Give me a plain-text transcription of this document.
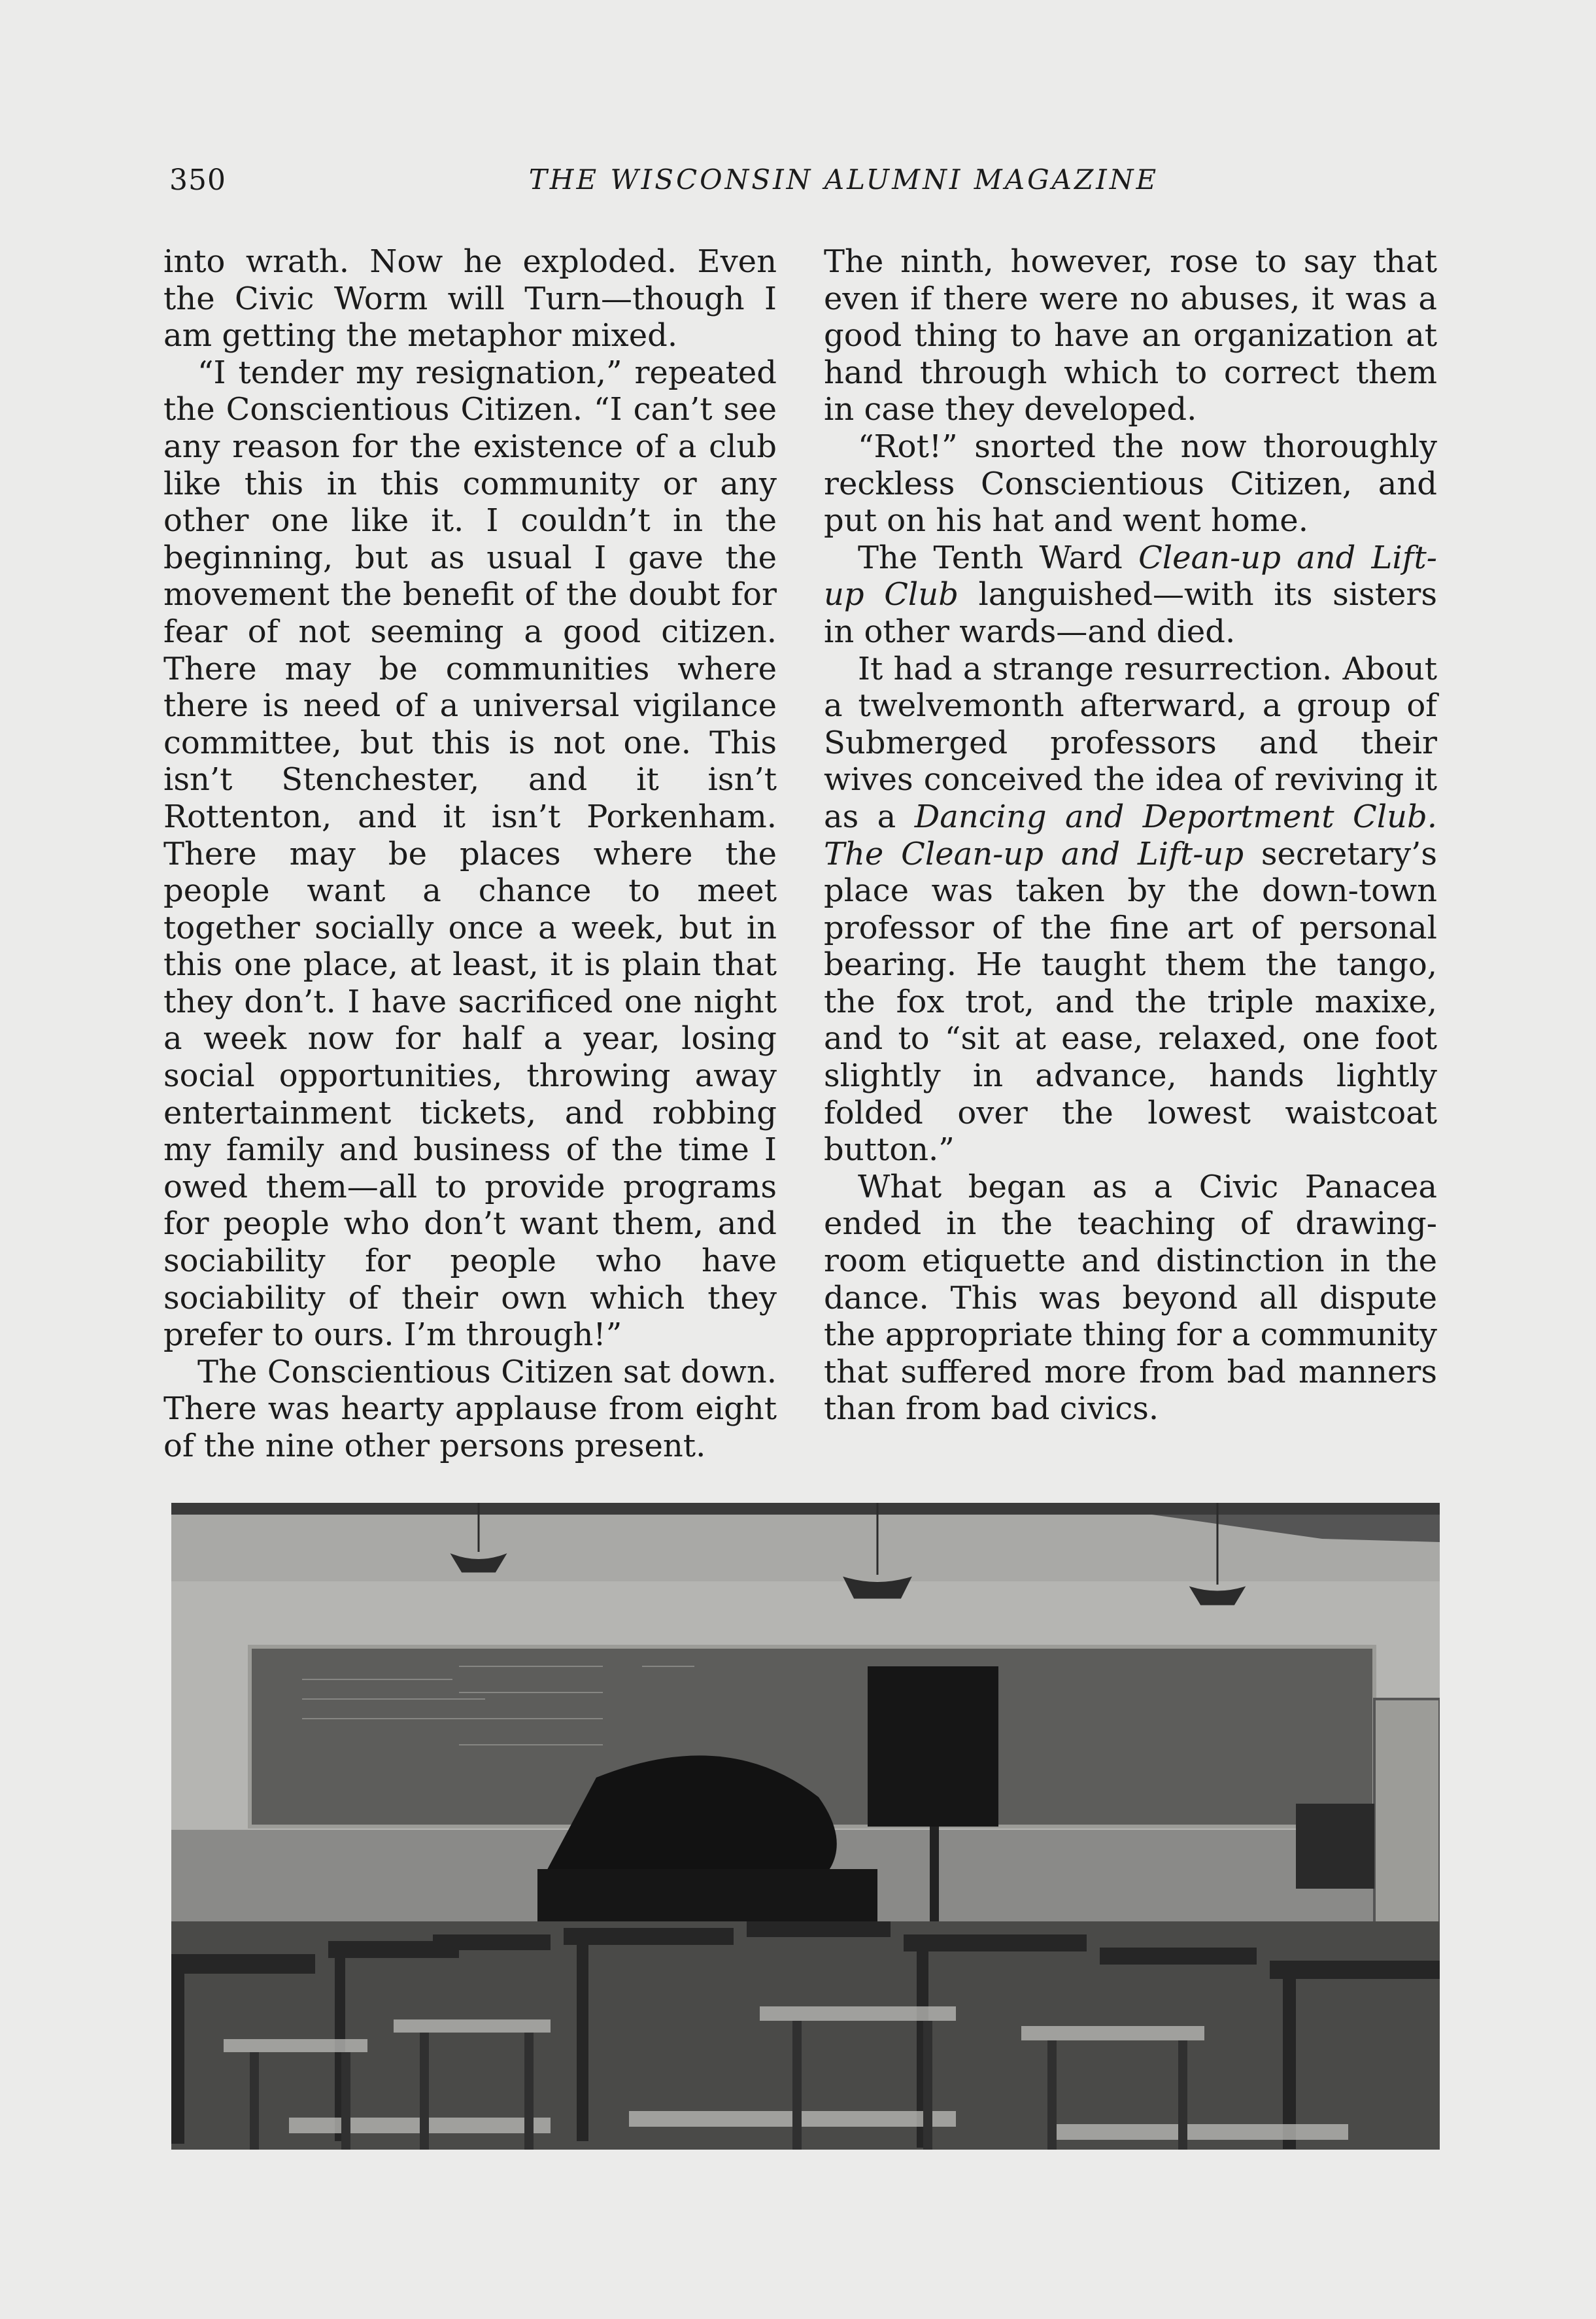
350	THE WISCONSIN ALUMNI MAGAZINE

into wrath. Now he exploded. Even the Civic Worm will Turn—though I am getting the metaphor mixed.

“I tender my resignation,” repeated the Conscientious Citizen. “I can’t see any reason for the existence of a club like this in this community or any other one like it. I couldn’t in the beginning, but as usual I gave the movement the benefit of the doubt for fear of not seeming a good citizen. There may be communities where there is need of a universal vigilance committee, but this is not one. This isn’t Stenchester, and it isn’t Rottenton, and it isn’t Porkenham. There may be places where the people want a chance to meet together socially once a week, but in this one place, at least, it is plain that they don’t. I have sacrificed one night a week now for half a year, losing social opportunities, throwing away entertainment tickets, and robbing my family and business of the time I owed them—all to provide programs for people who don’t want them, and sociability for people who have sociability of their own which they prefer to ours. I’m through!”

The Conscientious Citizen sat down. There was hearty applause from eight of the nine other persons present.

The ninth, however, rose to say that even if there were no abuses, it was a good thing to have an organization at hand through which to correct them in case they developed.

“Rot!” snorted the now thoroughly reckless Conscientious Citizen, and put on his hat and went home.

The Tenth Ward Clean-up and Lift-up Club languished—with its sisters in other wards—and died.

It had a strange resurrection. About a twelvemonth afterward, a group of Submerged professors and their wives conceived the idea of reviving it as a Dancing and Deportment Club. The Clean-up and Lift-up secretary’s place was taken by the down-town professor of the fine art of personal bearing. He taught them the tango, the fox trot, and the triple maxixe, and to “sit at ease, relaxed, one foot slightly in advance, hands lightly folded over the lowest waistcoat button.”

What began as a Civic Panacea ended in the teaching of drawing-room etiquette and distinction in the dance. This was beyond all dispute the appropriate thing for a community that suffered more from bad manners than from bad civics.
